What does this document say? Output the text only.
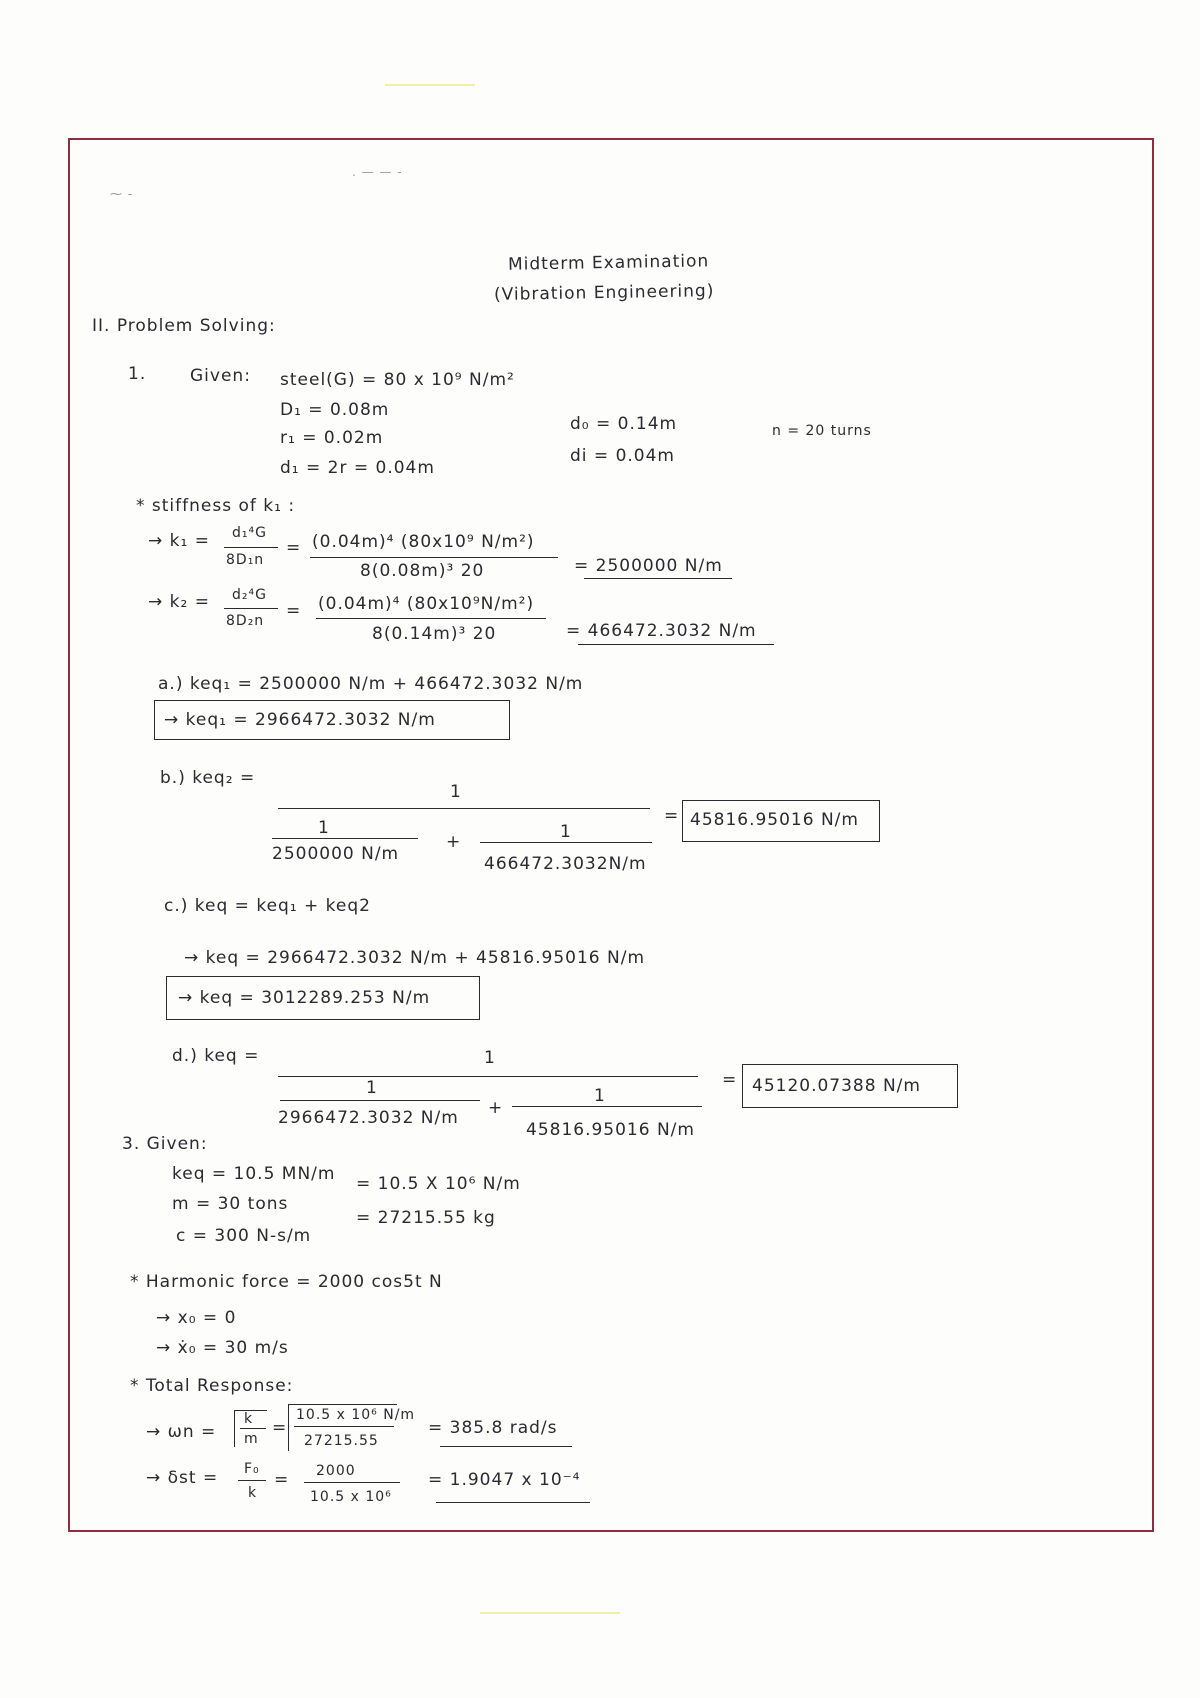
⁓ -
. — — -
Midterm Examination
(Vibration Engineering)
II. Problem Solving:
1.	Given: steel(G) = 80 x 10⁹ N/m²
D₁ = 0.08m
r₁ = 0.02m
d₁ = 2r = 0.04m
d₀ = 0.14m
di = 0.04m
n = 20 turns
* stiffness of k₁ :
→ k₁ = d₁⁴G
8D₁n
= (0.04m)⁴ (80x10⁹ N/m²)
8(0.08m)³ 20	= 2500000 N/m
→ k₂ = d₂⁴G
8D₂n = (0.04m)⁴ (80x10⁹N/m²)
8(0.14m)³ 20	= 466472.3032 N/m
a.) keq₁ = 2500000 N/m + 466472.3032 N/m
→ keq₁ = 2966472.3032 N/m
b.) keq₂ =
1
1
2500000 N/m
+	1
466472.3032N/m
= 45816.95016 N/m
c.) keq = keq₁ + keq2
→ keq = 2966472.3032 N/m + 45816.95016 N/m
→ keq = 3012289.253 N/m
d.) keq =	1
1
2966472.3032 N/m +
1
45816.95016 N/m
= 45120.07388 N/m
3. Given:
keq = 10.5 MN/m = 10.5 X 10⁶ N/m
m = 30 tons
= 27215.55 kg
c = 300 N-s/m
* Harmonic force = 2000 cos5t N
→ x₀ = 0
→ ẋ₀ = 30 m/s
* Total Response:
→ ωn =
k
m
=
10.5 x 10⁶ N/m
27215.55
= 385.8 rad/s
→ δst = F₀
k
= 2000
10.5 x 10⁶
= 1.9047 x 10⁻⁴
